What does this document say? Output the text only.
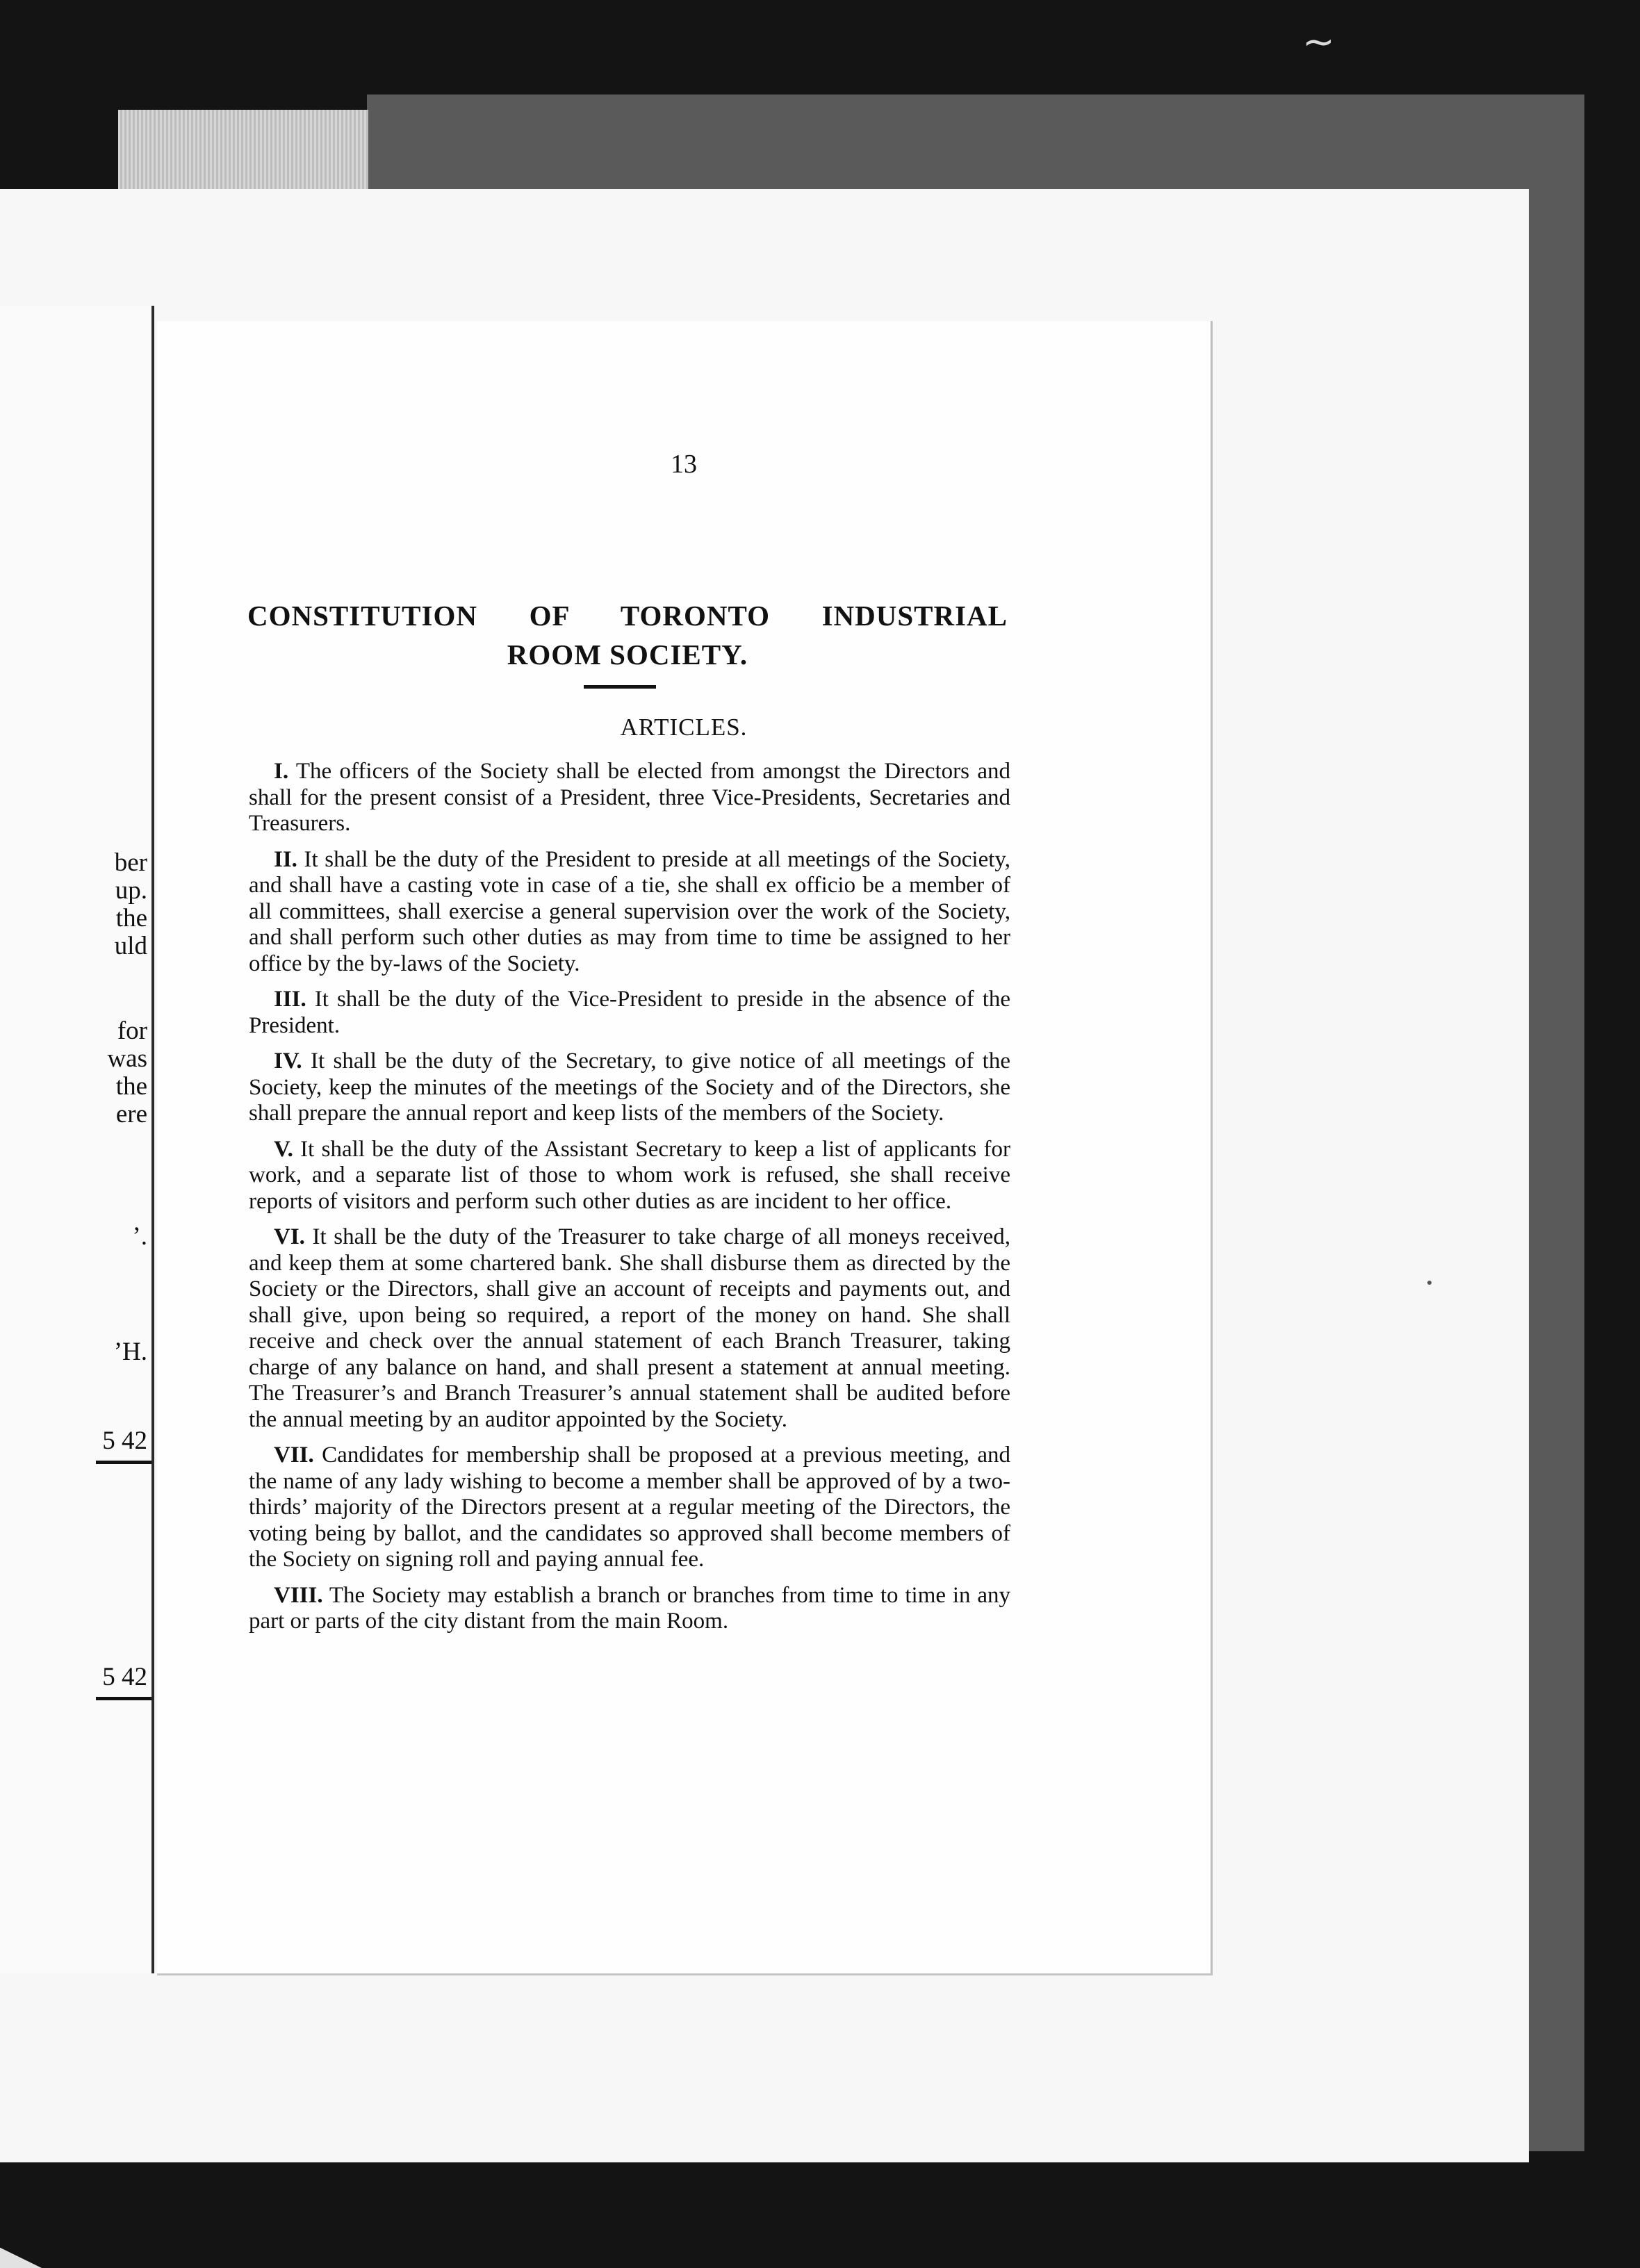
~
ber
up.
the
uld
for
was
the
ere
’.
’H.
5 42
5 42
13
CONSTITUTION OF TORONTO INDUSTRIAL
ROOM SOCIETY.
ARTICLES.

I. The officers of the Society shall be elected from amongst the Directors and shall for the present consist of a President, three Vice-Presidents, Secretaries and Treasurers.

II. It shall be the duty of the President to preside at all meetings of the Society, and shall have a casting vote in case of a tie, she shall ex officio be a member of all committees, shall exercise a general supervision over the work of the Society, and shall perform such other duties as may from time to time be assigned to her office by the by-laws of the Society.

III. It shall be the duty of the Vice-President to preside in the absence of the President.

IV. It shall be the duty of the Secretary, to give notice of all meetings of the Society, keep the minutes of the meetings of the Society and of the Directors, she shall prepare the annual report and keep lists of the members of the Society.

V. It shall be the duty of the Assistant Secretary to keep a list of applicants for work, and a separate list of those to whom work is refused, she shall receive reports of visitors and perform such other duties as are incident to her office.

VI. It shall be the duty of the Treasurer to take charge of all moneys received, and keep them at some chartered bank. She shall disburse them as directed by the Society or the Directors, shall give an account of receipts and payments out, and shall give, upon being so required, a report of the money on hand. She shall receive and check over the annual statement of each Branch Treasurer, taking charge of any balance on hand, and shall present a statement at annual meeting. The Treasurer’s and Branch Treasurer’s annual statement shall be audited before the annual meeting by an auditor appointed by the Society.

VII. Candidates for membership shall be proposed at a previous meeting, and the name of any lady wishing to become a member shall be approved of by a two-thirds’ majority of the Directors present at a regular meeting of the Directors, the voting being by ballot, and the candidates so approved shall become members of the Society on signing roll and paying annual fee.

VIII. The Society may establish a branch or branches from time to time in any part or parts of the city distant from the main Room.
